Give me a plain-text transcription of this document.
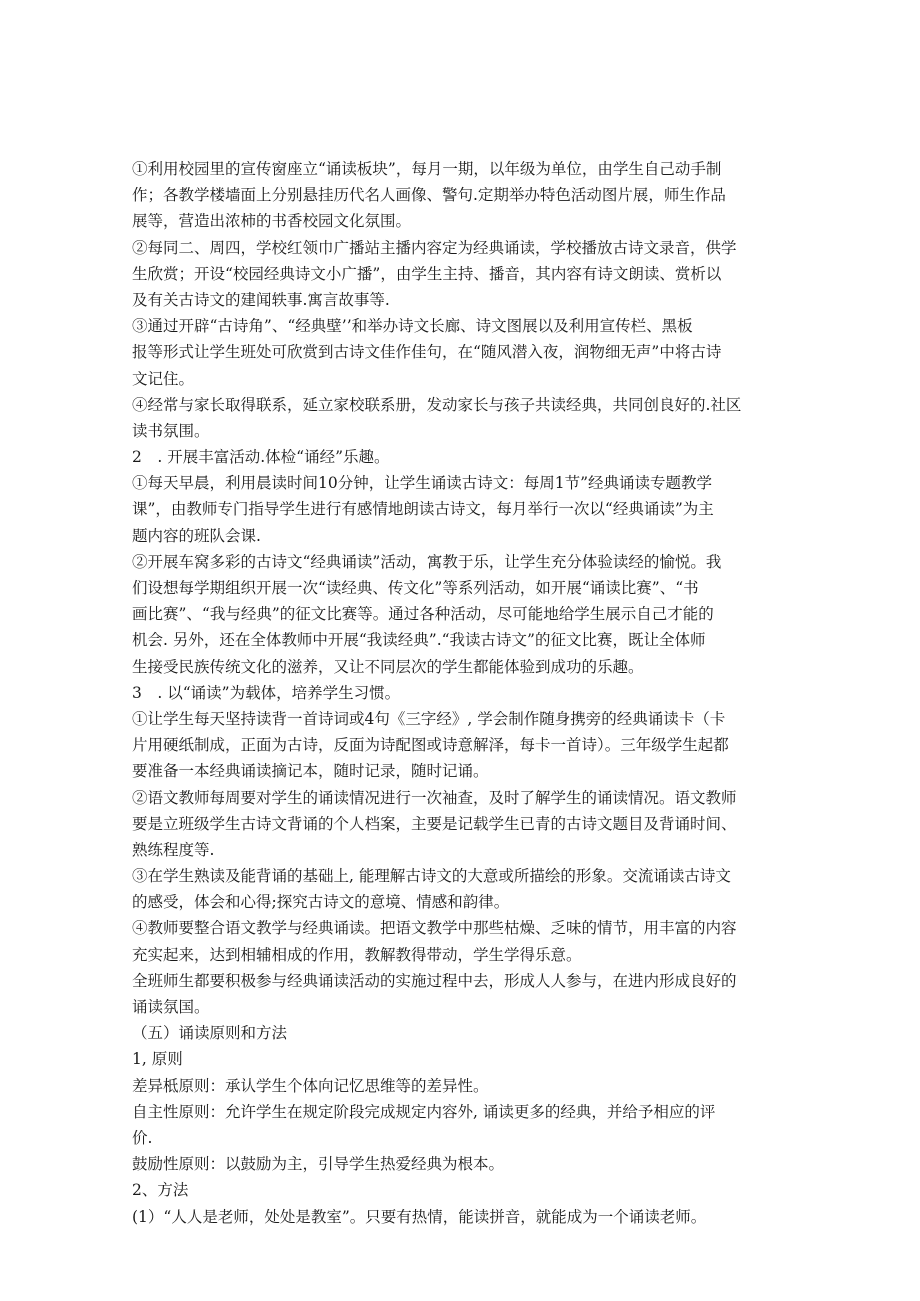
①利用校园里的宣传窗座立“诵读板块”，每月一期，以年级为单位，由学生自己动手制
作；各教学楼墙面上分别悬挂历代名人画像、警句.定期举办特色活动图片展，师生作品
展等，营造出浓柿的书香校园文化氛围。
②每同二、周四，学校红领巾广播站主播内容定为经典诵读，学校播放古诗文录音，供学
生欣赏；开设“校园经典诗文小广播”，由学生主持、播音，其内容有诗文朗读、赏析以
及有关古诗文的建闻轶事.寓言故事等.
③通过开辟“古诗角”、“经典壁’’和举办诗文长廊、诗文图展以及利用宣传栏、黑板
报等形式让学生班处可欣赏到古诗文佳作佳句，在“随风潜入夜，润物细无声”中将古诗
文记住。
④经常与家长取得联系，延立家校联系册，发动家长与孩子共读经典，共同创良好的.社区
读书氛围。
2　. 开展丰富活动.体检“诵经”乐趣。
①每天早晨，利用晨读时间10分钟，让学生诵读古诗文：每周1节”经典诵读专题教学
课”，由教师专门指导学生进行有感情地朗读古诗文，每月举行一次以“经典诵读”为主
题内容的班队会课.
②开展车窝多彩的古诗文“经典诵读”活动，寓教于乐，让学生充分体验读经的愉悦。我
们设想每学期组织开展一次“读经典、传文化”等系列活动，如开展“诵读比赛”、“书
画比赛”、“我与经典”的征文比赛等。通过各种活动，尽可能地给学生展示自己才能的
机会. 另外，还在全体教师中开展“我读经典”.“我读古诗文”的征文比赛，既让全体师
生接受民族传统文化的滋养，又让不同层次的学生都能体验到成功的乐趣。
3　. 以“诵读”为载体，培养学生习惯。
①让学生每天坚持读背一首诗词或4句《三字经》, 学会制作随身携旁的经典诵读卡（卡
片用硬纸制成，正面为古诗，反面为诗配图或诗意解泽，每卡一首诗）。三年级学生起都
要准备一本经典诵读摘记本，随时记录，随时记诵。
②语文教师每周要对学生的诵读情况进行一次袖查，及时了解学生的诵读情况。语文教师
要是立班级学生古诗文背诵的个人档案，主要是记载学生已青的古诗文题目及背诵时间、
熟练程度等.
③在学生熟读及能背诵的基础上, 能理解古诗文的大意或所描绘的形象。交流诵读古诗文
的感受，体会和心得;探究古诗文的意境、情感和韵律。
④教师要整合语文教学与经典诵读。把语文教学中那些枯燥、乏味的情节，用丰富的内容
充实起来，达到相辅相成的作用，教解教得带动，学生学得乐意。
全班师生都要积极参与经典诵读活动的实施过程中去，形成人人参与，在进内形成良好的
诵读氛国。
（五）诵读原则和方法
1, 原则
差异柢原则：承认学生个体向记忆思维等的差异性。
自主性原则：允许学生在规定阶段完成规定内容外, 诵读更多的经典，并给予相应的评
价.
鼓励性原则：以鼓励为主，引导学生热爱经典为根本。
2、方法
(1）“人人是老师，处处是教室”。只要有热情，能读拼音，就能成为一个诵读老师。
